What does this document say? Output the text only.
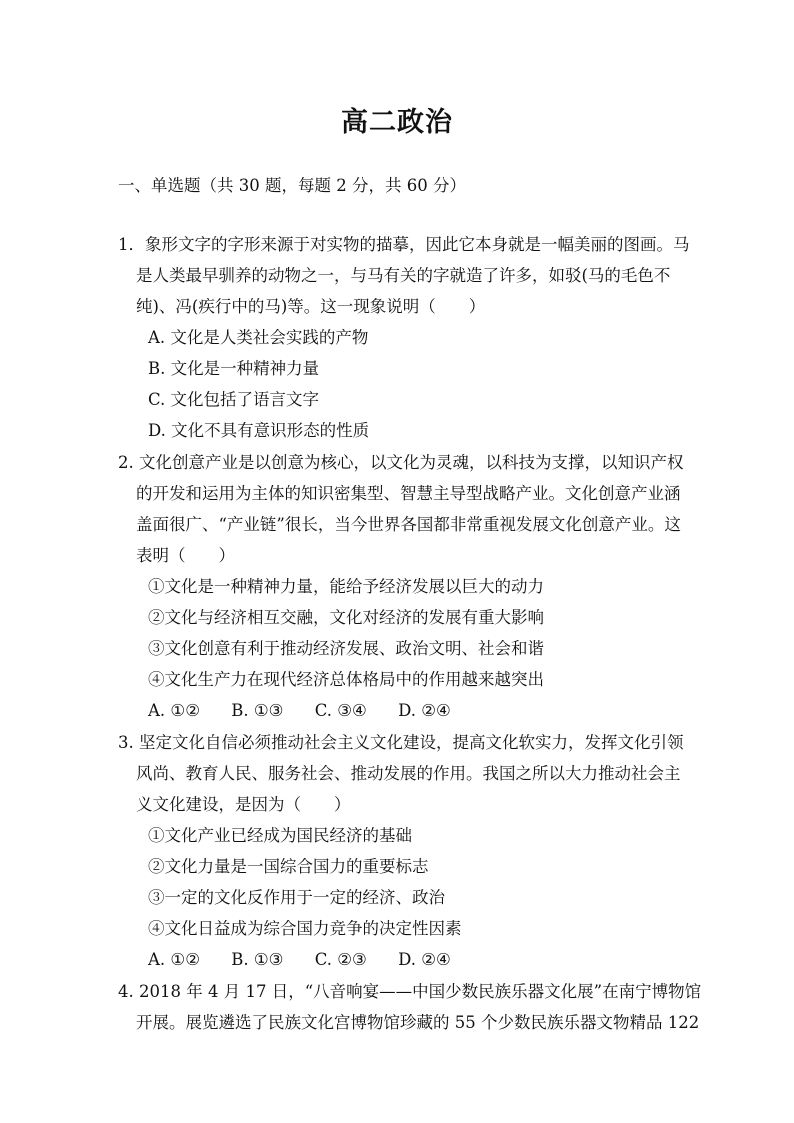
高二政治
一、单选题（共 30 题，每题 2 分，共 60 分）
1．象形文字的字形来源于对实物的描摹，因此它本身就是一幅美丽的图画。马
是人类最早驯养的动物之一，与马有关的字就造了许多，如驳(马的毛色不
纯)、冯(疾行中的马)等。这一现象说明（　　）
A. 文化是人类社会实践的产物
B. 文化是一种精神力量
C. 文化包括了语言文字
D. 文化不具有意识形态的性质
2. 文化创意产业是以创意为核心，以文化为灵魂，以科技为支撑，以知识产权
的开发和运用为主体的知识密集型、智慧主导型战略产业。文化创意产业涵
盖面很广、“产业链”很长，当今世界各国都非常重视发展文化创意产业。这
表明（　　）
①文化是一种精神力量，能给予经济发展以巨大的动力
②文化与经济相互交融，文化对经济的发展有重大影响
③文化创意有利于推动经济发展、政治文明、社会和谐
④文化生产力在现代经济总体格局中的作用越来越突出
A. ①② B. ①③ C. ③④ D. ②④
3. 坚定文化自信必须推动社会主义文化建设，提高文化软实力，发挥文化引领
风尚、教育人民、服务社会、推动发展的作用。我国之所以大力推动社会主
义文化建设，是因为（　　）
①文化产业已经成为国民经济的基础
②文化力量是一国综合国力的重要标志
③一定的文化反作用于一定的经济、政治
④文化日益成为综合国力竞争的决定性因素
A. ①② B. ①③ C. ②③ D. ②④
4. 2018 年 4 月 17 日，“八音响宴——中国少数民族乐器文化展”在南宁博物馆
开展。展览遴选了民族文化宫博物馆珍藏的 55 个少数民族乐器文物精品 122
